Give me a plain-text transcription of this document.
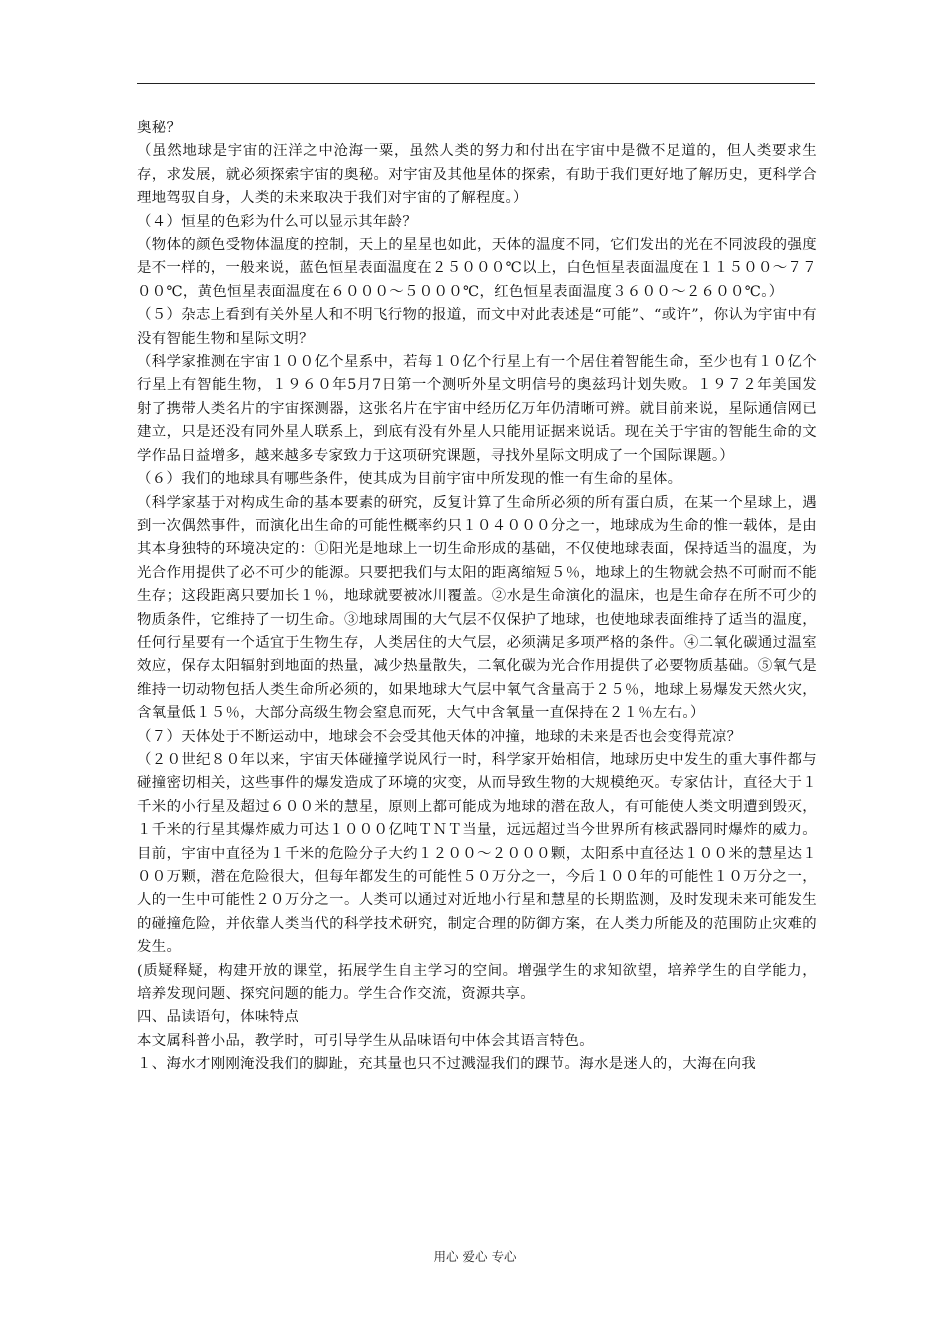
奥秘？

（虽然地球是宇宙的汪洋之中沧海一粟，虽然人类的努力和付出在宇宙中是微不足道的，但人类要求生存，求发展，就必须探索宇宙的奥秘。对宇宙及其他星体的探索，有助于我们更好地了解历史，更科学合理地驾驭自身，人类的未来取决于我们对宇宙的了解程度。）

（４）恒星的色彩为什么可以显示其年龄？

（物体的颜色受物体温度的控制，天上的星星也如此，天体的温度不同，它们发出的光在不同波段的强度是不一样的，一般来说，蓝色恒星表面温度在２５０００℃以上，白色恒星表面温度在１１５００～７７００℃，黄色恒星表面温度在６０００～５０００℃，红色恒星表面温度３６００～２６００℃。）

（５）杂志上看到有关外星人和不明飞行物的报道，而文中对此表述是“可能”、“或许”，你认为宇宙中有没有智能生物和星际文明？

（科学家推测在宇宙１００亿个星系中，若每１０亿个行星上有一个居住着智能生命，至少也有１０亿个行星上有智能生物，１９６０年5月7日第一个测听外星文明信号的奥兹玛计划失败。１９７２年美国发射了携带人类名片的宇宙探测器，这张名片在宇宙中经历亿万年仍清晰可辨。就目前来说，星际通信网已建立，只是还没有同外星人联系上，到底有没有外星人只能用证据来说话。现在关于宇宙的智能生命的文学作品日益增多，越来越多专家致力于这项研究课题，寻找外星际文明成了一个国际课题。）

（６）我们的地球具有哪些条件，使其成为目前宇宙中所发现的惟一有生命的星体。

（科学家基于对构成生命的基本要素的研究，反复计算了生命所必须的所有蛋白质，在某一个星球上，遇到一次偶然事件，而演化出生命的可能性概率约只１０４０００分之一，地球成为生命的惟一载体，是由其本身独特的环境决定的：①阳光是地球上一切生命形成的基础，不仅使地球表面，保持适当的温度，为光合作用提供了必不可少的能源。只要把我们与太阳的距离缩短５％，地球上的生物就会热不可耐而不能生存；这段距离只要加长１％，地球就要被冰川覆盖。②水是生命演化的温床，也是生命存在所不可少的物质条件，它维持了一切生命。③地球周围的大气层不仅保护了地球，也使地球表面维持了适当的温度，任何行星要有一个适宜于生物生存，人类居住的大气层，必须满足多项严格的条件。④二氧化碳通过温室效应，保存太阳辐射到地面的热量，减少热量散失，二氧化碳为光合作用提供了必要物质基础。⑤氧气是维持一切动物包括人类生命所必须的，如果地球大气层中氧气含量高于２５％，地球上易爆发天然火灾，含氧量低１５％，大部分高级生物会窒息而死，大气中含氧量一直保持在２１％左右。）

（７）天体处于不断运动中，地球会不会受其他天体的冲撞，地球的未来是否也会变得荒凉？

（２０世纪８０年以来，宇宙天体碰撞学说风行一时，科学家开始相信，地球历史中发生的重大事件都与碰撞密切相关，这些事件的爆发造成了环境的灾变，从而导致生物的大规模绝灭。专家估计，直径大于１千米的小行星及超过６００米的慧星，原则上都可能成为地球的潜在敌人，有可能使人类文明遭到毁灭，１千米的行星其爆炸威力可达１０００亿吨ＴＮＴ当量，远远超过当今世界所有核武器同时爆炸的威力。目前，宇宙中直径为１千米的危险分子大约１２００～２０００颗，太阳系中直径达１００米的慧星达１００万颗，潜在危险很大，但每年都发生的可能性５０万分之一，今后１００年的可能性１０万分之一，人的一生中可能性２０万分之一。人类可以通过对近地小行星和慧星的长期监测，及时发现未来可能发生的碰撞危险，并依靠人类当代的科学技术研究，制定合理的防御方案，在人类力所能及的范围防止灾难的发生。

(质疑释疑，构建开放的课堂，拓展学生自主学习的空间。增强学生的求知欲望，培养学生的自学能力，培养发现问题、探究问题的能力。学生合作交流，资源共享。

四、品读语句，体味特点

本文属科普小品，教学时，可引导学生从品味语句中体会其语言特色。

１、海水才刚刚淹没我们的脚趾，充其量也只不过溅湿我们的踝节。海水是迷人的，大海在向我

用心 爱心 专心
